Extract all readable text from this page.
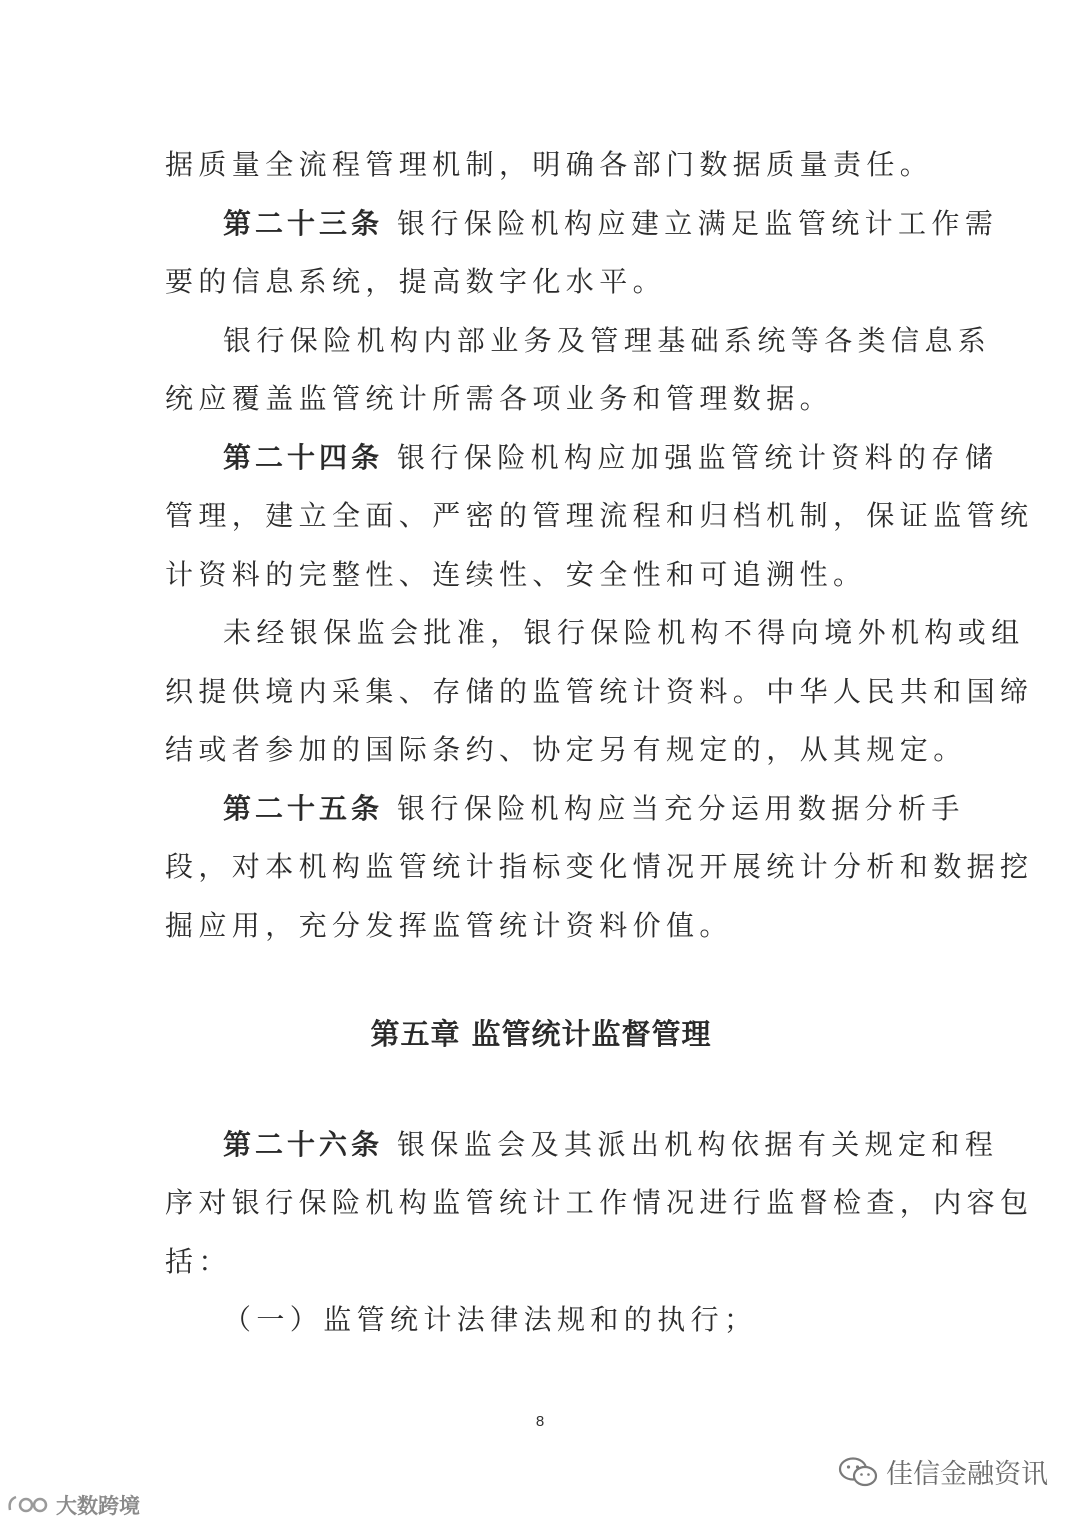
据质量全流程管理机制，明确各部门数据质量责任。
第二十三条 银行保险机构应建立满足监管统计工作需
要的信息系统，提高数字化水平。
银行保险机构内部业务及管理基础系统等各类信息系
统应覆盖监管统计所需各项业务和管理数据。
第二十四条 银行保险机构应加强监管统计资料的存储
管理，建立全面、严密的管理流程和归档机制，保证监管统
计资料的完整性、连续性、安全性和可追溯性。
未经银保监会批准，银行保险机构不得向境外机构或组
织提供境内采集、存储的监管统计资料。中华人民共和国缔
结或者参加的国际条约、协定另有规定的，从其规定。
第二十五条 银行保险机构应当充分运用数据分析手
段，对本机构监管统计指标变化情况开展统计分析和数据挖
掘应用，充分发挥监管统计资料价值。
第五章 监管统计监督管理
第二十六条 银保监会及其派出机构依据有关规定和程
序对银行保险机构监管统计工作情况进行监督检查，内容包
括：
（一）监管统计法律法规和的执行；
8
佳信金融资讯
大数跨境
